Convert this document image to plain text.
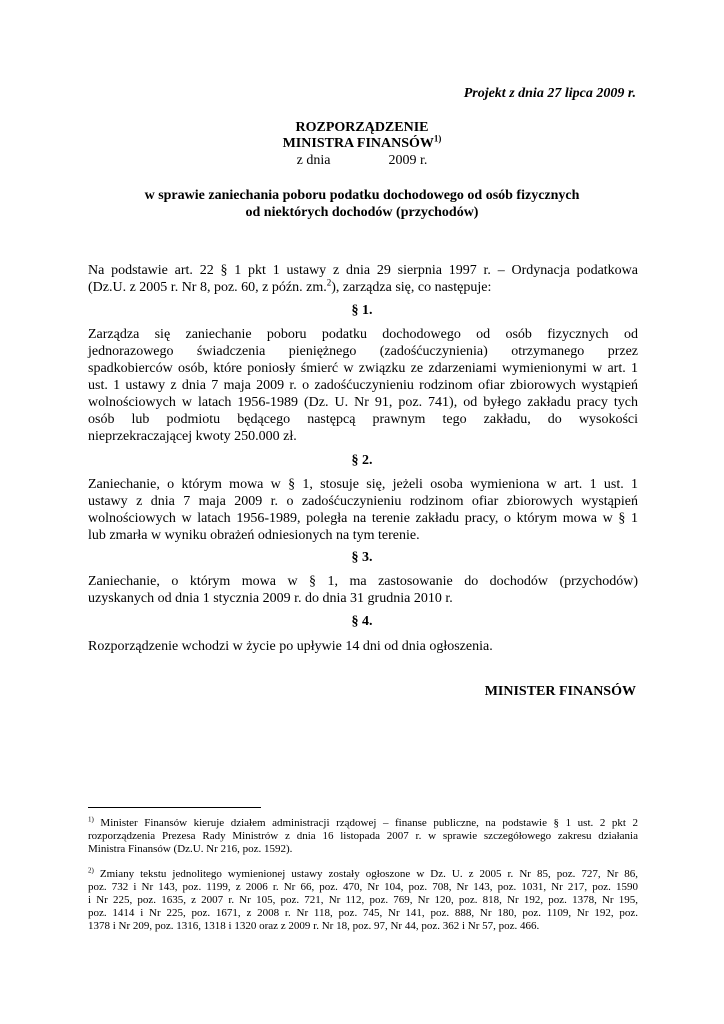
Projekt z dnia 27 lipca 2009 r.
ROZPORZĄDZENIE
MINISTRA FINANSÓW$^{1)}$
z dnia	2009 r.
w sprawie zaniechania poboru podatku dochodowego od osób fizycznych
od niektórych dochodów (przychodów)
Na podstawie art. 22 § 1 pkt 1 ustawy z dnia 29 sierpnia 1997 r. – Ordynacja podatkowa
(Dz.U. z 2005 r. Nr 8, poz. 60, z późn. zm.$^2$), zarządza się, co następuje:
§ 1.
Zarządza się zaniechanie poboru podatku dochodowego od osób fizycznych od
jednorazowego świadczenia pieniężnego (zadośćuczynienia) otrzymanego przez
spadkobierców osób, które poniosły śmierć w związku ze zdarzeniami wymienionymi w art. 1
ust. 1 ustawy z dnia 7 maja 2009 r. o zadośćuczynieniu rodzinom ofiar zbiorowych wystąpień
wolnościowych w latach 1956-1989 (Dz. U. Nr 91, poz. 741), od byłego zakładu pracy tych
osób lub podmiotu będącego następcą prawnym tego zakładu, do wysokości
nieprzekraczającej kwoty 250.000 zł.
§ 2.
Zaniechanie, o którym mowa w § 1, stosuje się, jeżeli osoba wymieniona w art. 1 ust. 1
ustawy z dnia 7 maja 2009 r. o zadośćuczynieniu rodzinom ofiar zbiorowych wystąpień
wolnościowych w latach 1956-1989, poległa na terenie zakładu pracy, o którym mowa w § 1
lub zmarła w wyniku obrażeń odniesionych na tym terenie.
§ 3.
Zaniechanie, o którym mowa w § 1, ma zastosowanie do dochodów (przychodów)
uzyskanych od dnia 1 stycznia 2009 r. do dnia 31 grudnia 2010 r.
§ 4.
Rozporządzenie wchodzi w życie po upływie 14 dni od dnia ogłoszenia.
MINISTER FINANSÓW
$^{1)}$ Minister Finansów kieruje działem administracji rządowej – finanse publiczne, na podstawie § 1 ust. 2 pkt 2
rozporządzenia Prezesa Rady Ministrów z dnia 16 listopada 2007 r. w sprawie szczegółowego zakresu działania
Ministra Finansów (Dz.U. Nr 216, poz. 1592).
$^{2)}$ Zmiany tekstu jednolitego wymienionej ustawy zostały ogłoszone w Dz. U. z 2005 r. Nr 85, poz. 727, Nr 86,
poz. 732 i Nr 143, poz. 1199, z 2006 r. Nr 66, poz. 470, Nr 104, poz. 708, Nr 143, poz. 1031, Nr 217, poz. 1590
i Nr 225, poz. 1635, z 2007 r. Nr 105, poz. 721, Nr 112, poz. 769, Nr 120, poz. 818, Nr 192, poz. 1378, Nr 195,
poz. 1414 i Nr 225, poz. 1671, z 2008 r. Nr 118, poz. 745, Nr 141, poz. 888, Nr 180, poz. 1109, Nr 192, poz.
1378 i Nr 209, poz. 1316, 1318 i 1320 oraz z 2009 r. Nr 18, poz. 97, Nr 44, poz. 362 i Nr 57, poz. 466.
